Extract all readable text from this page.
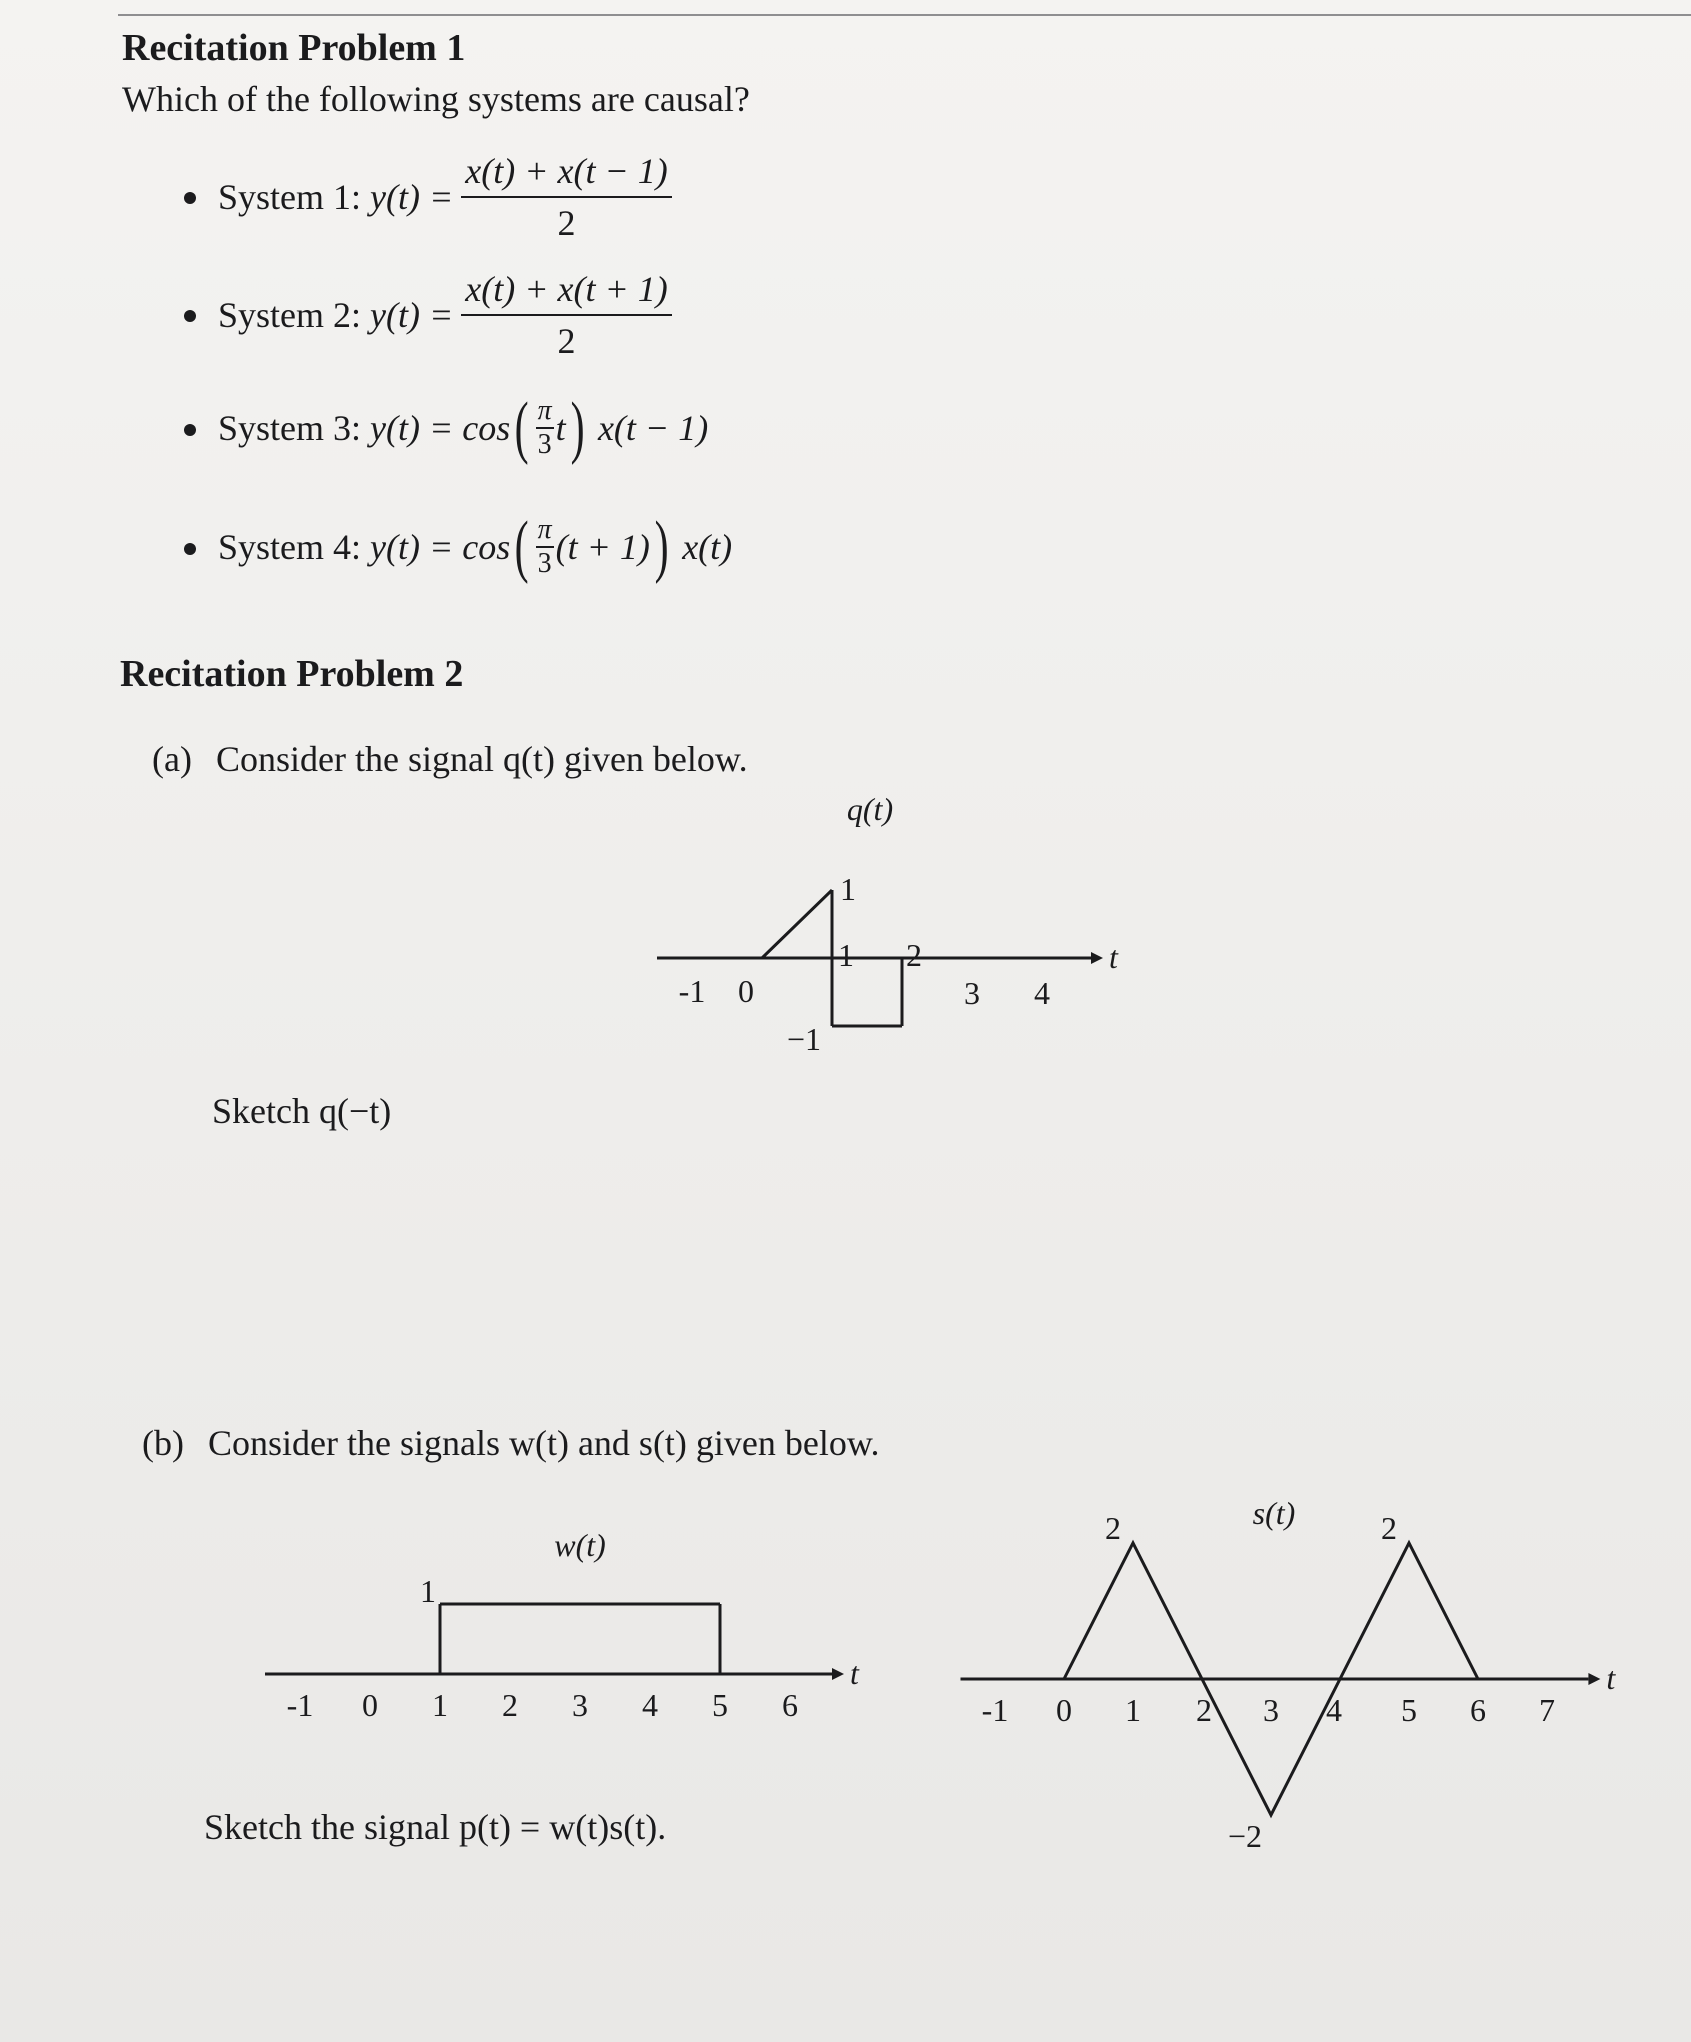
Recitation Problem 1
Which of the following systems are causal?
System 1:
$y(t) = \frac{x(t) + x(t - 1)}{2}$
System 2:
$y(t) = \frac{x(t) + x(t + 1)}{2}$
System 3:
y(t) = cos ( π
3 t )
x(t − 1)
System 4:
y(t) = cos ( π
3 (t + 1) )
x(t)
Recitation Problem 2
(a) Consider the signal q(t) given below.
t
q(t)
-1 0
1 2
3 4
1
−1
Sketch q(−t)
(b) Consider the signals w(t) and s(t) given below.
t
w(t)
-1 0 1 2 3 4 5 6
1
t
s(t)
-1 0 1 2 3 4 5 6 7
2	2
−2
Sketch the signal p(t) = w(t)s(t).
